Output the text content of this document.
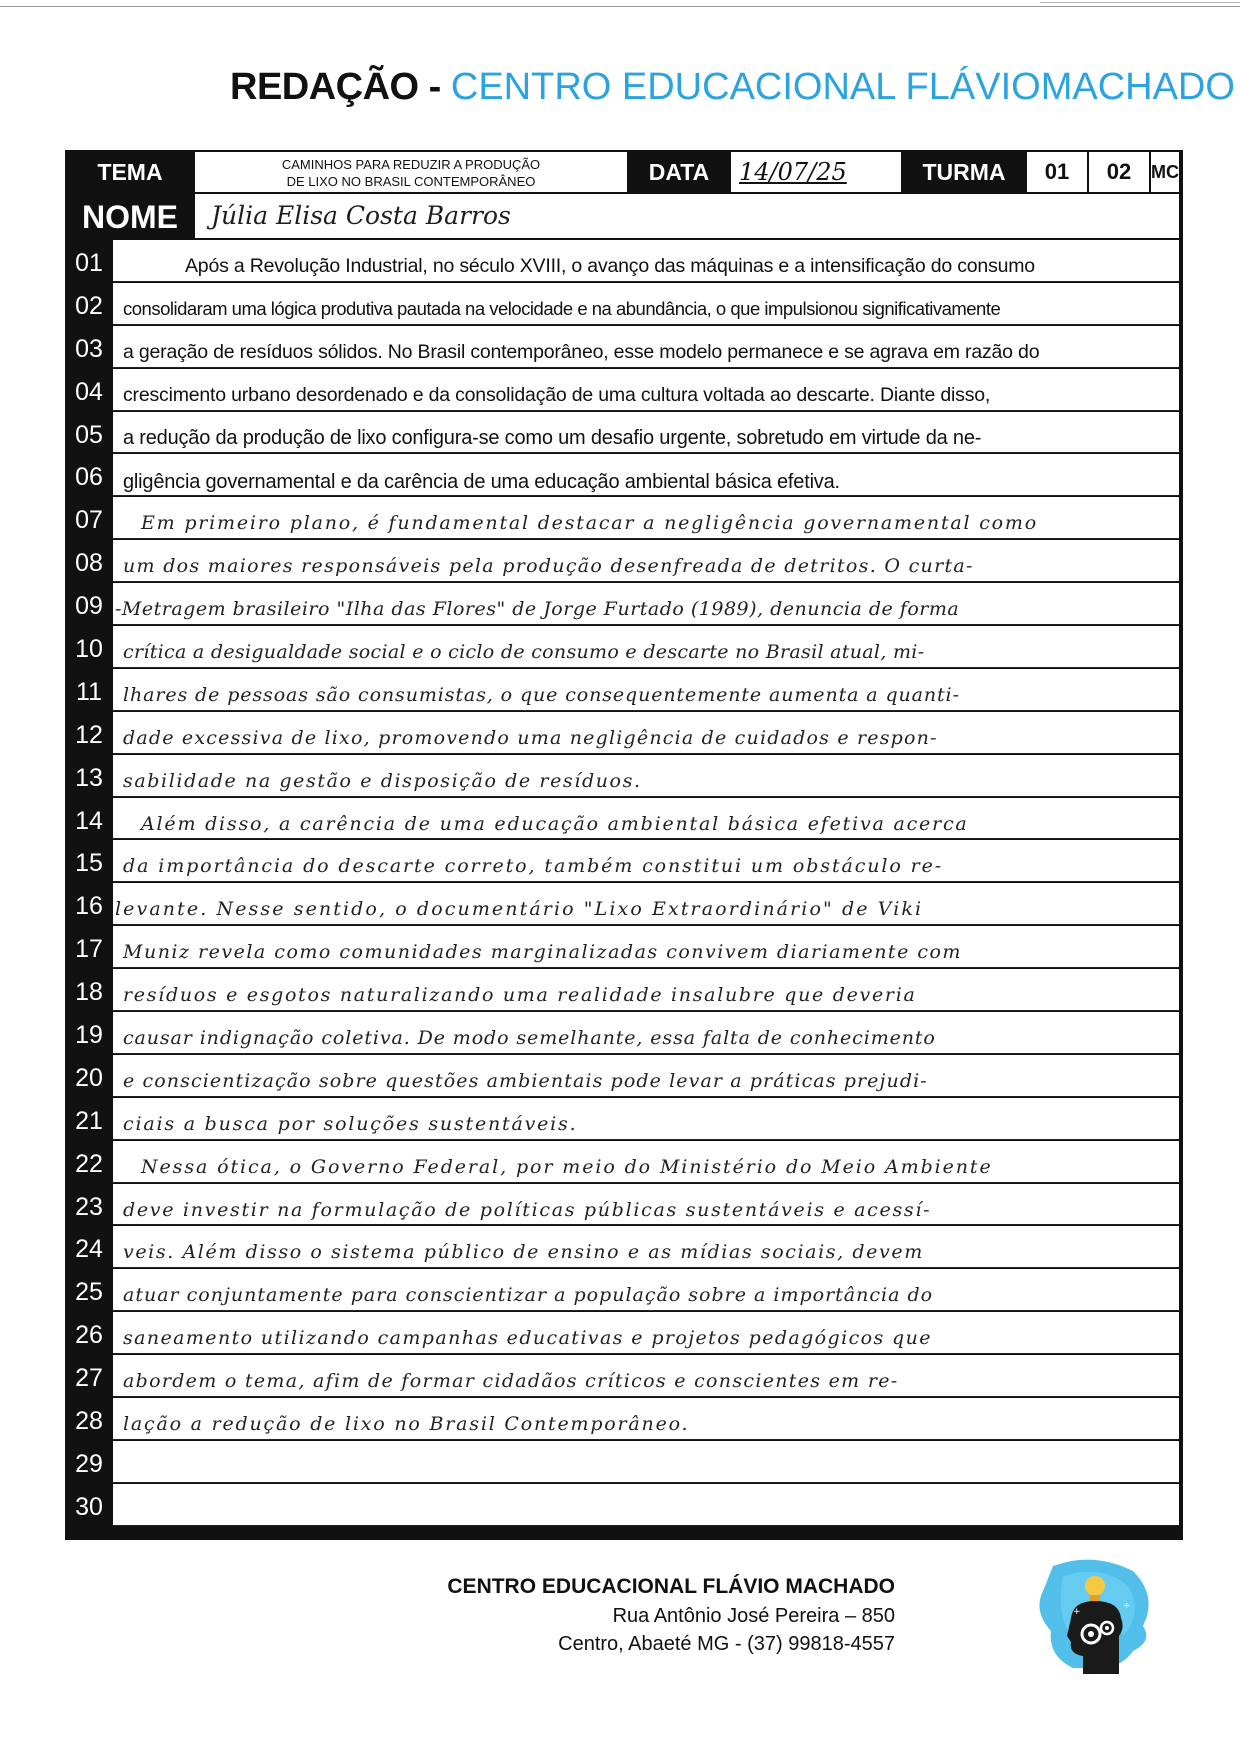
REDAÇÃO - CENTRO EDUCACIONAL FLÁVIOMACHADO
TEMA	CAMINHOS PARA REDUZIR A PRODUÇÃO
DE LIXO NO BRASIL CONTEMPORÂNEO	DATA	14/07/25	TURMA	01	02	MC
NOME	Júlia Elisa Costa Barros
01	Após a Revolução Industrial, no século XVIII, o avanço das máquinas e a intensificação do consumo
02	consolidaram uma lógica produtiva pautada na velocidade e na abundância, o que impulsionou significativamente
03	a geração de resíduos sólidos. No Brasil contemporâneo, esse modelo permanece e se agrava em razão do
04	crescimento urbano desordenado e da consolidação de uma cultura voltada ao descarte. Diante disso,
05	a redução da produção de lixo configura-se como um desafio urgente, sobretudo em virtude da ne-
06	gligência governamental e da carência de uma educação ambiental básica efetiva.
07	Em primeiro plano, é fundamental destacar a negligência governamental como
08	um dos maiores responsáveis pela produção desenfreada de detritos. O curta-
09 -Metragem brasileiro "Ilha das Flores" de Jorge Furtado (1989), denuncia de forma
10	crítica a desigualdade social e o ciclo de consumo e descarte no Brasil atual, mi-
11	lhares de pessoas são consumistas, o que consequentemente aumenta a quanti-
12	dade excessiva de lixo, promovendo uma negligência de cuidados e respon-
13	sabilidade na gestão e disposição de resíduos.
14	Além disso, a carência de uma educação ambiental básica efetiva acerca
15	da importância do descarte correto, também constitui um obstáculo re-
16 levante. Nesse sentido, o documentário "Lixo Extraordinário" de Viki
17	Muniz revela como comunidades marginalizadas convivem diariamente com
18	resíduos e esgotos naturalizando uma realidade insalubre que deveria
19	causar indignação coletiva. De modo semelhante, essa falta de conhecimento
20	e conscientização sobre questões ambientais pode levar a práticas prejudi-
21	ciais a busca por soluções sustentáveis.
22	Nessa ótica, o Governo Federal, por meio do Ministério do Meio Ambiente
23	deve investir na formulação de políticas públicas sustentáveis e acessí-
24	veis. Além disso o sistema público de ensino e as mídias sociais, devem
25	atuar conjuntamente para conscientizar a população sobre a importância do
26	saneamento utilizando campanhas educativas e projetos pedagógicos que
27	abordem o tema, afim de formar cidadãos críticos e conscientes em re-
28	lação a redução de lixo no Brasil Contemporâneo.
29
30
CENTRO EDUCACIONAL FLÁVIO MACHADO
Rua Antônio José Pereira – 850
Centro, Abaeté MG - (37) 99818-4557
+
÷
